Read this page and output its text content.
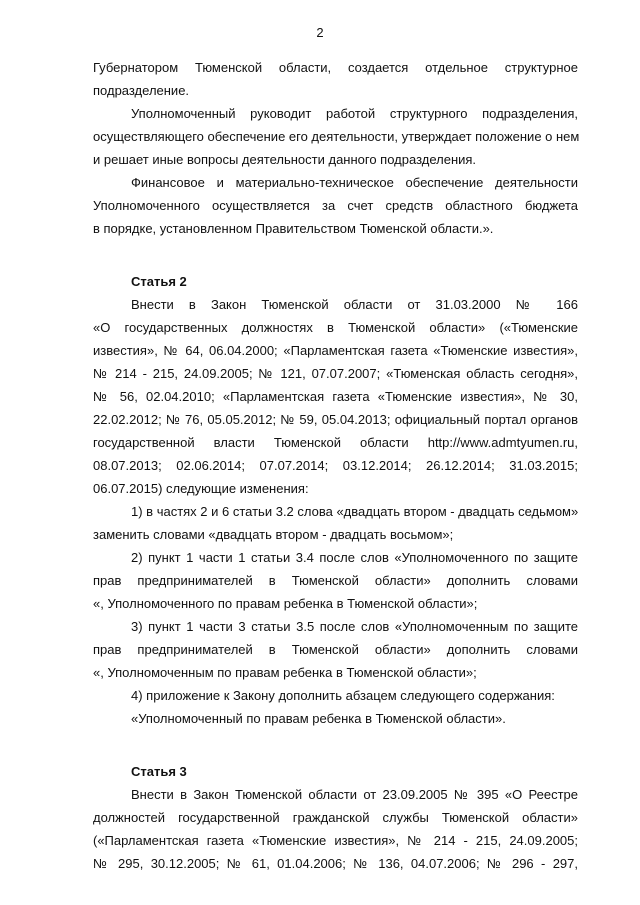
2
Губернатором Тюменской области, создается отдельное структурное
подразделение.
Уполномоченный руководит работой структурного подразделения,
осуществляющего обеспечение его деятельности, утверждает положение о нем
и решает иные вопросы деятельности данного подразделения.
Финансовое и материально-техническое обеспечение деятельности
Уполномоченного осуществляется за счет средств областного бюджета
в порядке, установленном Правительством Тюменской области.».
Статья 2
Внести в Закон Тюменской области от 31.03.2000 № 166
«О государственных должностях в Тюменской области» («Тюменские
известия», № 64, 06.04.2000; «Парламентская газета «Тюменские известия»,
№ 214 - 215, 24.09.2005; № 121, 07.07.2007; «Тюменская область сегодня»,
№ 56, 02.04.2010; «Парламентская газета «Тюменские известия», № 30,
22.02.2012; № 76, 05.05.2012; № 59, 05.04.2013; официальный портал органов
государственной власти Тюменской области http://www.admtyumen.ru,
08.07.2013; 02.06.2014; 07.07.2014; 03.12.2014; 26.12.2014; 31.03.2015;
06.07.2015) следующие изменения:
1) в частях 2 и 6 статьи 3.2 слова «двадцать втором - двадцать седьмом»
заменить словами «двадцать втором - двадцать восьмом»;
2) пункт 1 части 1 статьи 3.4 после слов «Уполномоченного по защите
прав предпринимателей в Тюменской области» дополнить словами
«, Уполномоченного по правам ребенка в Тюменской области»;
3) пункт 1 части 3 статьи 3.5 после слов «Уполномоченным по защите
прав предпринимателей в Тюменской области» дополнить словами
«, Уполномоченным по правам ребенка в Тюменской области»;
4) приложение к Закону дополнить абзацем следующего содержания:
«Уполномоченный по правам ребенка в Тюменской области».
Статья 3
Внести в Закон Тюменской области от 23.09.2005 № 395 «О Реестре
должностей государственной гражданской службы Тюменской области»
(«Парламентская газета «Тюменские известия», № 214 - 215, 24.09.2005;
№ 295, 30.12.2005; № 61, 01.04.2006; № 136, 04.07.2006; № 296 - 297,
